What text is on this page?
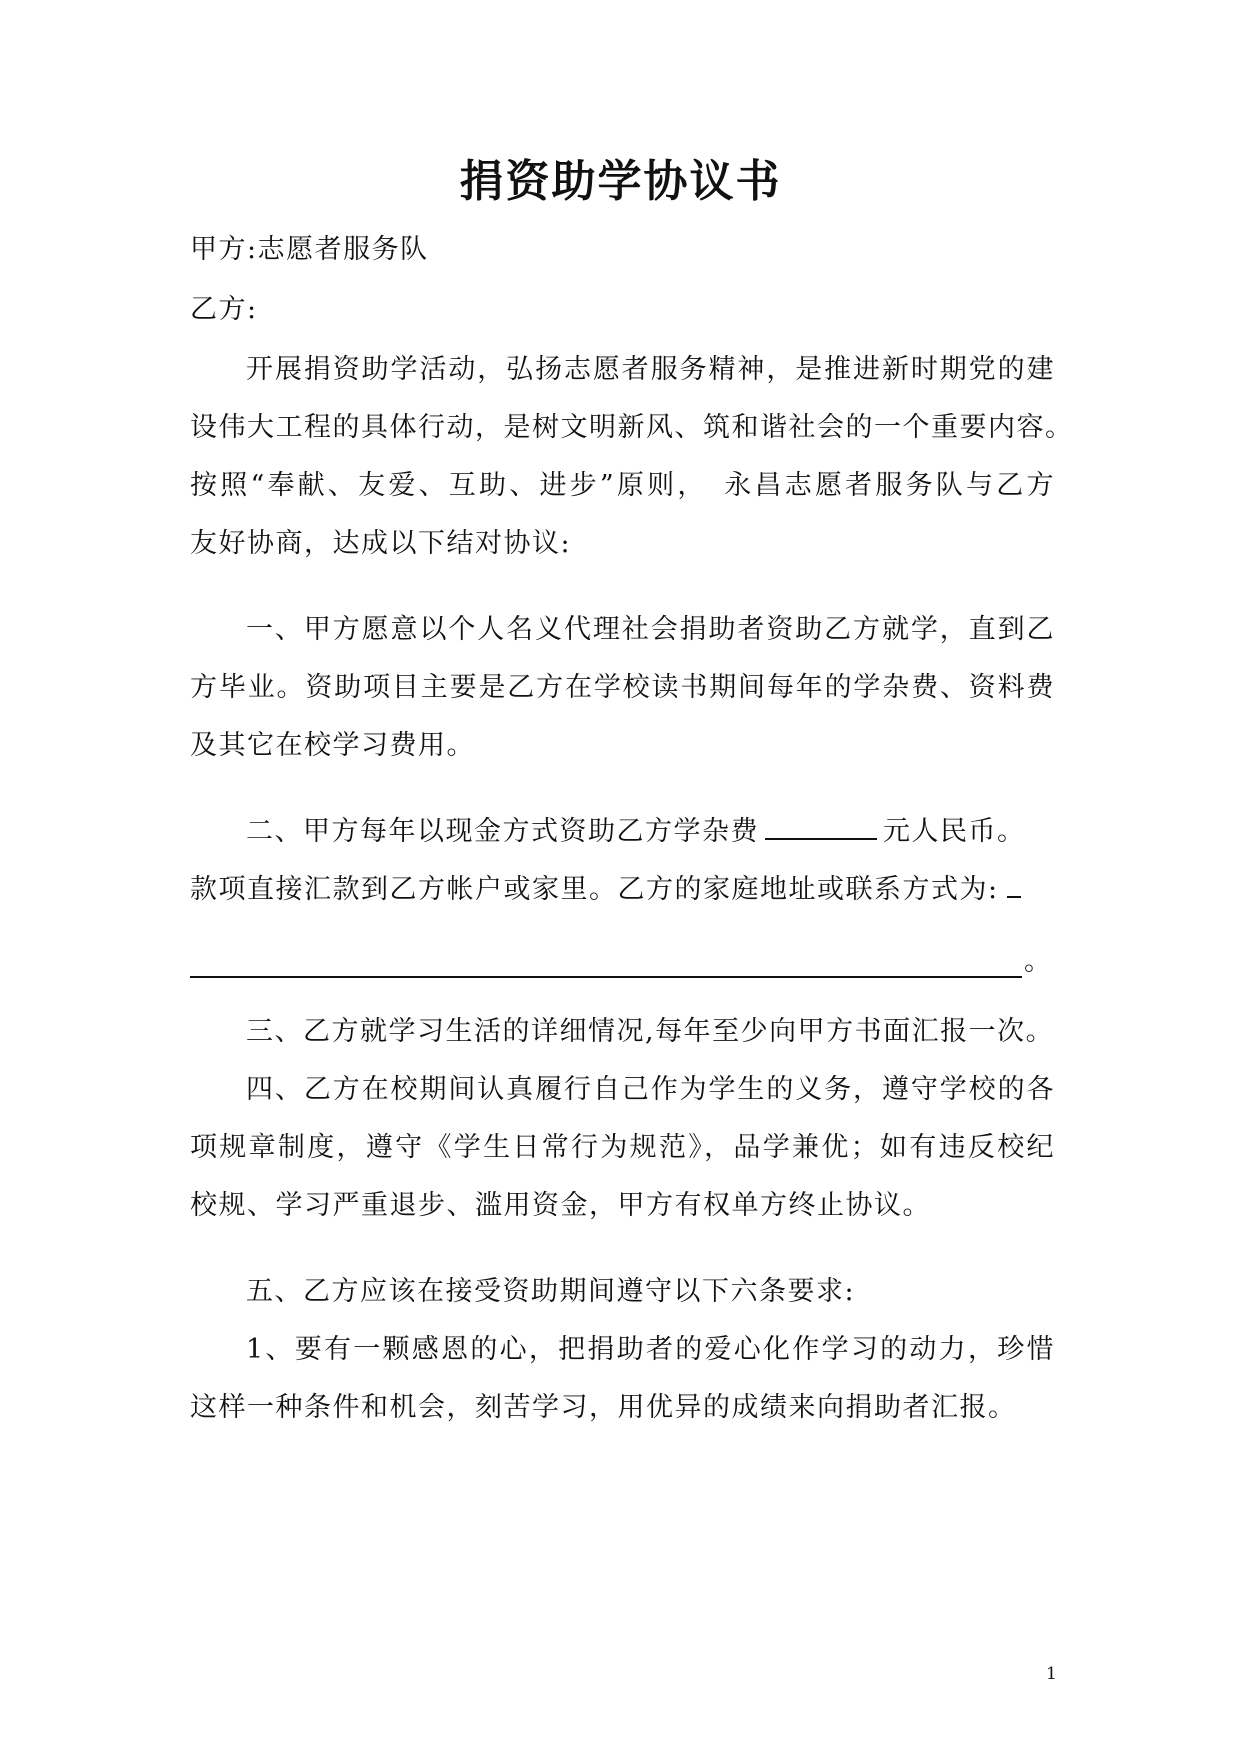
捐资助学协议书
甲方:志愿者服务队
乙方:
开展捐资助学活动，弘扬志愿者服务精神，是推进新时期党的建
设伟大工程的具体行动，是树文明新风、筑和谐社会的一个重要内容。
按照“奉献、友爱、互助、进步”原则，　永昌志愿者服务队与乙方
友好协商，达成以下结对协议:
一、甲方愿意以个人名义代理社会捐助者资助乙方就学，直到乙
方毕业。资助项目主要是乙方在学校读书期间每年的学杂费、资料费
及其它在校学习费用。
二、甲方每年以现金方式资助乙方学杂费	元人民币。
款项直接汇款到乙方帐户或家里。乙方的家庭地址或联系方式为:
。
三、乙方就学习生活的详细情况,每年至少向甲方书面汇报一次。
四、乙方在校期间认真履行自己作为学生的义务，遵守学校的各
项规章制度，遵守《学生日常行为规范》，品学兼优；如有违反校纪
校规、学习严重退步、滥用资金，甲方有权单方终止协议。
五、乙方应该在接受资助期间遵守以下六条要求:
1、要有一颗感恩的心，把捐助者的爱心化作学习的动力，珍惜
这样一种条件和机会，刻苦学习，用优异的成绩来向捐助者汇报。
1
